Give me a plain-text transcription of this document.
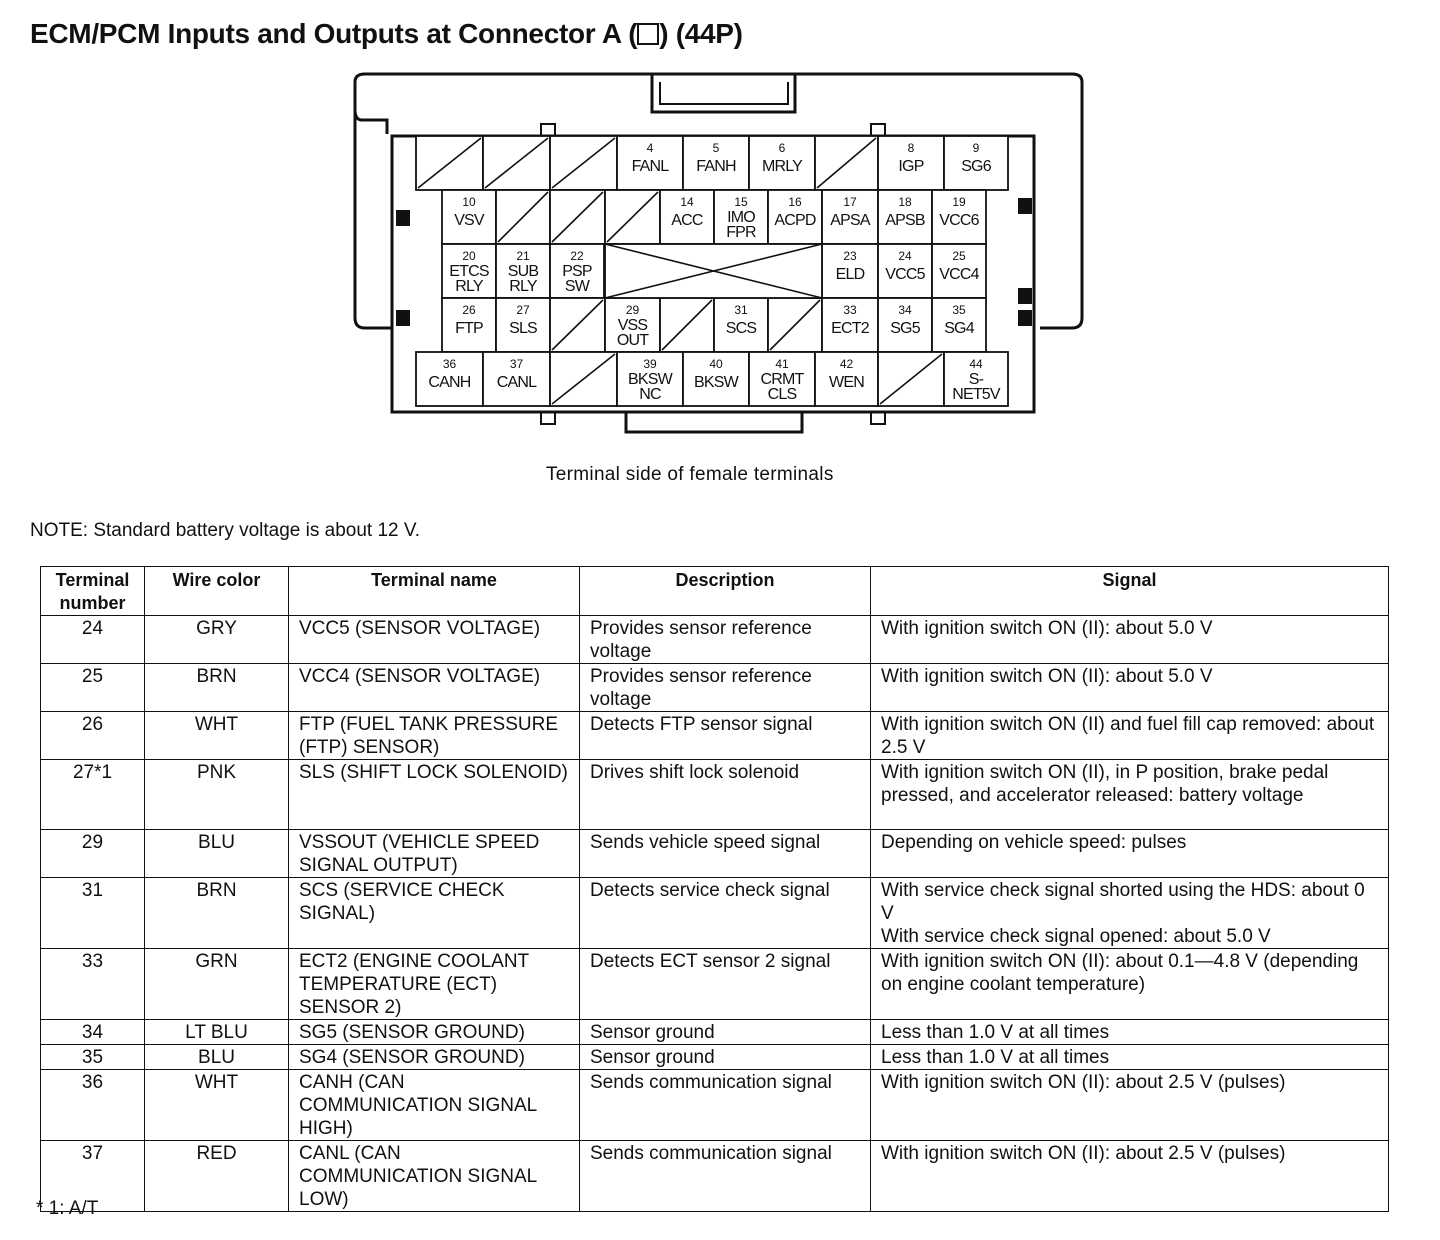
ECM/PCM Inputs and Outputs at Connector A ( ) (44P)
4
FANL
5
FANH
6
MRLY
8
IGP
9
SG6
10
VSV
14
ACC
15
IMO
FPR
16
ACPD
17
APSA
18
APSB
19
VCC6
20
ETCS
RLY
21
SUB
RLY
22
PSP
SW
23
ELD
24
VCC5
25
VCC4
26
FTP
27
SLS
29
VSS
OUT
31
SCS
33
ECT2
34
SG5
35
SG4
36
CANH
37
CANL
39
BKSW
NC
40
BKSW
41
CRMT
CLS
42
WEN
44
S-
NET5V
Terminal side of female terminals
NOTE: Standard battery voltage is about 12 V.
Terminal number	Wire color	Terminal name	Description	Signal
24	GRY	VCC5 (SENSOR VOLTAGE)	Provides sensor reference voltage	With ignition switch ON (II): about 5.0 V
25	BRN	VCC4 (SENSOR VOLTAGE)	Provides sensor reference voltage	With ignition switch ON (II): about 5.0 V
26	WHT	FTP (FUEL TANK PRESSURE (FTP) SENSOR)	Detects FTP sensor signal	With ignition switch ON (II) and fuel fill cap removed: about 2.5 V
27*1	PNK	SLS (SHIFT LOCK SOLENOID)	Drives shift lock solenoid	With ignition switch ON (II), in P position, brake pedal pressed, and accelerator released: battery voltage
29	BLU	VSSOUT (VEHICLE SPEED SIGNAL OUTPUT)	Sends vehicle speed signal	Depending on vehicle speed: pulses
31	BRN	SCS (SERVICE CHECK SIGNAL)	Detects service check signal	With service check signal shorted using the HDS: about 0 V
With service check signal opened: about 5.0 V
33	GRN	ECT2 (ENGINE COOLANT TEMPERATURE (ECT) SENSOR 2)	Detects ECT sensor 2 signal	With ignition switch ON (II): about 0.1—4.8 V (depending on engine coolant temperature)
34	LT BLU	SG5 (SENSOR GROUND)	Sensor ground	Less than 1.0 V at all times
35	BLU	SG4 (SENSOR GROUND)	Sensor ground	Less than 1.0 V at all times
36	WHT	CANH (CAN COMMUNICATION SIGNAL HIGH)	Sends communication signal	With ignition switch ON (II): about 2.5 V (pulses)
37	RED	CANL (CAN COMMUNICATION SIGNAL LOW)	Sends communication signal	With ignition switch ON (II): about 2.5 V (pulses)
* 1: A/T
